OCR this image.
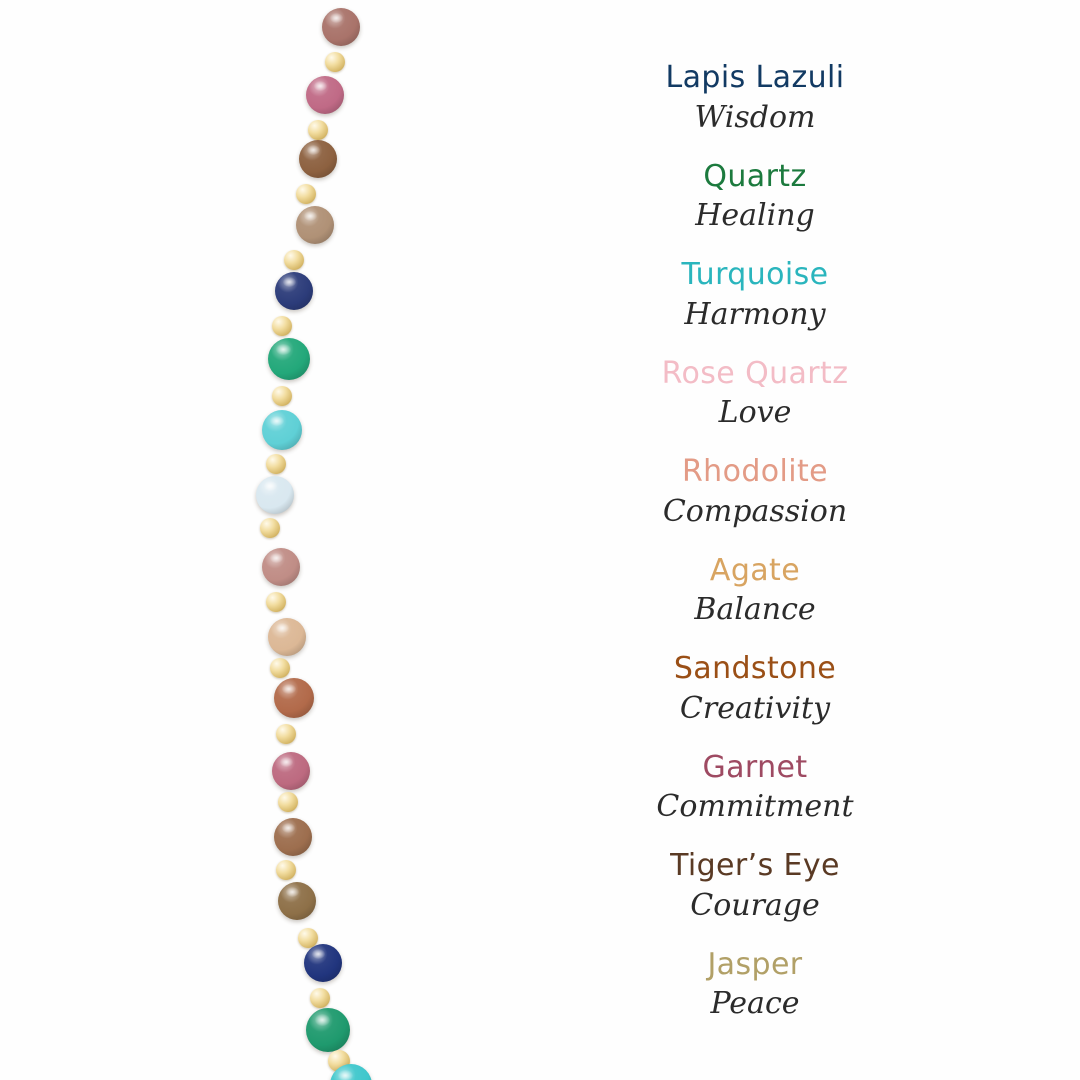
Lapis Lazuli
Wisdom
Quartz
Healing
Turquoise
Harmony
Rose Quartz
Love
Rhodolite
Compassion
Agate
Balance
Sandstone
Creativity
Garnet
Commitment
Tiger’s Eye
Courage
Jasper
Peace
